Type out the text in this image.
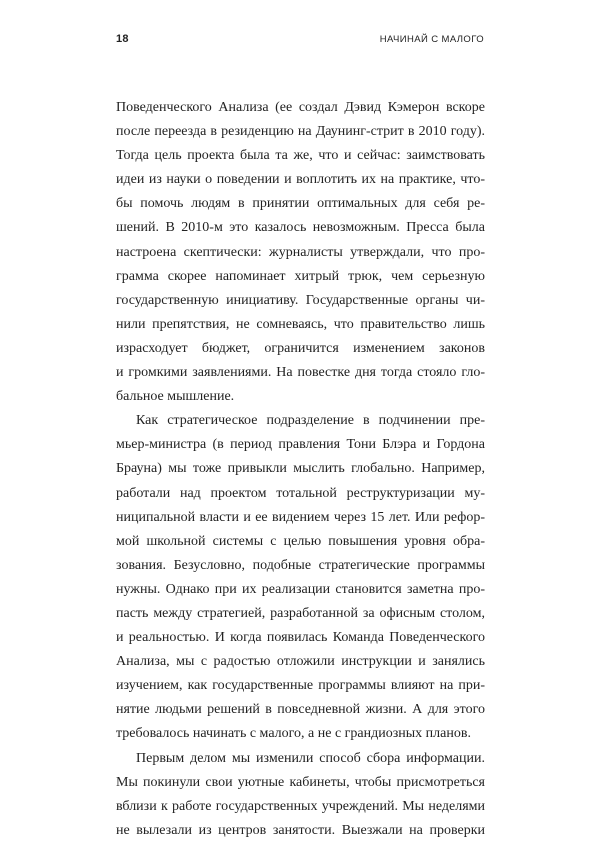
18	НАЧИНАЙ С МАЛОГО
Поведенческого Анализа (ее создал Дэвид Кэмерон вскоре
после переезда в резиденцию на Даунинг-стрит в 2010 году).
Тогда цель проекта была та же, что и сейчас: заимствовать
идеи из науки о поведении и воплотить их на практике, что-
бы помочь людям в принятии оптимальных для себя ре-
шений. В 2010-м это казалось невозможным. Пресса была
настроена скептически: журналисты утверждали, что про-
грамма скорее напоминает хитрый трюк, чем серьезную
государственную инициативу. Государственные органы чи-
нили препятствия, не сомневаясь, что правительство лишь
израсходует бюджет, ограничится изменением законов
и громкими заявлениями. На повестке дня тогда стояло гло-
бальное мышление.
Как стратегическое подразделение в подчинении пре-
мьер-министра (в период правления Тони Блэра и Гордона
Брауна) мы тоже привыкли мыслить глобально. Например,
работали над проектом тотальной реструктуризации му-
ниципальной власти и ее видением через 15 лет. Или рефор-
мой школьной системы с целью повышения уровня обра-
зования. Безусловно, подобные стратегические программы
нужны. Однако при их реализации становится заметна про-
пасть между стратегией, разработанной за офисным столом,
и реальностью. И когда появилась Команда Поведенческого
Анализа, мы с радостью отложили инструкции и занялись
изучением, как государственные программы влияют на при-
нятие людьми решений в повседневной жизни. А для этого
требовалось начинать с малого, а не с грандиозных планов.
Первым делом мы изменили способ сбора информации.
Мы покинули свои уютные кабинеты, чтобы присмотреться
вблизи к работе государственных учреждений. Мы неделями
не вылезали из центров занятости. Выезжали на проверки
